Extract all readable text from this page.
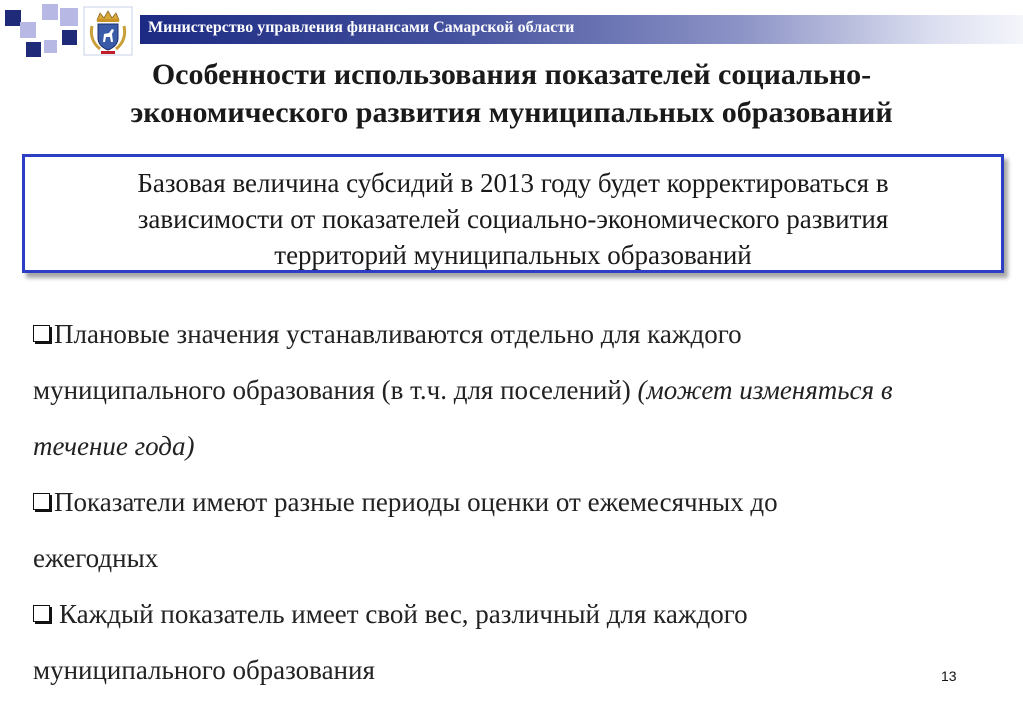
Министерство управления финансами Самарской области
Особенности использования показателей социально-
экономического развития муниципальных образований
Базовая величина субсидий в 2013 году будет корректироваться в
зависимости от показателей социально-экономического развития
территорий муниципальных образований
Плановые значения устанавливаются отдельно для каждого
муниципального образования (в т.ч. для поселений) (может изменяться в
течение года)
Показатели имеют разные периоды оценки от ежемесячных до
ежегодных
Каждый показатель имеет свой вес, различный для каждого
муниципального образования	13
